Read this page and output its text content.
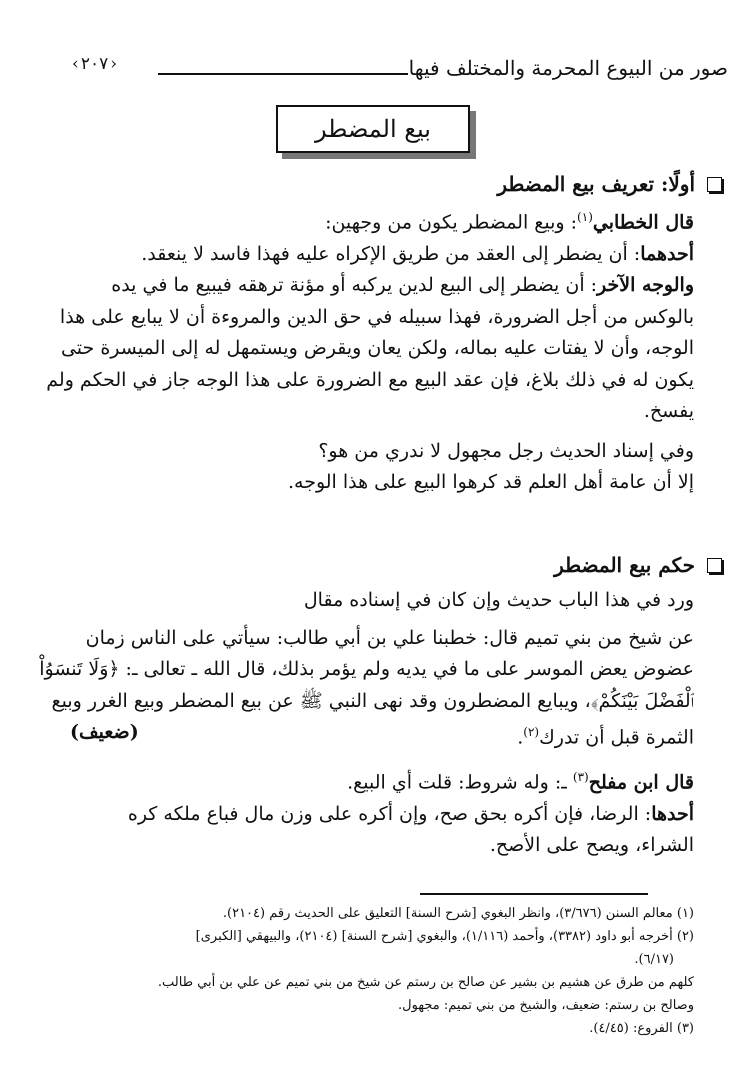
صور من البيوع المحرمة والمختلف فيها
‹ ٢٠٧ ›
بيع المضطر
أولًا: تعريف بيع المضطر
قال الخطابي$^{(١)}$: وبيع المضطر يكون من وجهين:
أحدهما: أن يضطر إلى العقد من طريق الإكراه عليه فهذا فاسد لا ينعقد.
والوجه الآخر: أن يضطر إلى البيع لدين يركبه أو مؤنة ترهقه فيبيع ما في يده
بالوكس من أجل الضرورة، فهذا سبيله في حق الدين والمروءة أن لا يبايع على هذا
الوجه، وأن لا يفتات عليه بماله، ولكن يعان ويقرض ويستمهل له إلى الميسرة حتى
يكون له في ذلك بلاغ، فإن عقد البيع مع الضرورة على هذا الوجه جاز في الحكم ولم
يفسخ.
وفي إسناد الحديث رجل مجهول لا ندري من هو؟
إلا أن عامة أهل العلم قد كرهوا البيع على هذا الوجه.
حكم بيع المضطر
ورد في هذا الباب حديث وإن كان في إسناده مقال
عن شيخ من بني تميم قال: خطبنا علي بن أبي طالب: سيأتي على الناس زمان
عضوض يعض الموسر على ما في يديه ولم يؤمر بذلك، قال الله ـ تعالى ـ: ﴿وَلَا تَنسَوُاْ
ٱلْفَضْلَ بَيْنَكُمْ﴾، ويبايع المضطرون وقد نهى النبي ﷺ عن بيع المضطر وبيع الغرر وبيع
الثمرة قبل أن تدرك$^{(٢)}$.
(ضعيف)
قال ابن مفلح$^{(٣)}$ ـ: وله شروط: قلت أي البيع.
أحدها: الرضا، فإن أكره بحق صح، وإن أكره على وزن مال فباع ملكه كره
الشراء، ويصح على الأصح.
(١) معالم السنن (٣/٦٧٦)، وانظر البغوي [شرح السنة] التعليق على الحديث رقم (٢١٠٤).
(٢) أخرجه أبو داود (٣٣٨٢)، وأحمد (١/١١٦)، والبغوي [شرح السنة] (٢١٠٤)، والبيهقي [الكبرى]
(٦/١٧).
كلهم من طرق عن هشيم بن بشير عن صالح بن رستم عن شيخ من بني تميم عن علي بن أبي طالب.
وصالح بن رستم: ضعيف، والشيخ من بني تميم: مجهول.
(٣) الفروع: (٤/٤٥).
